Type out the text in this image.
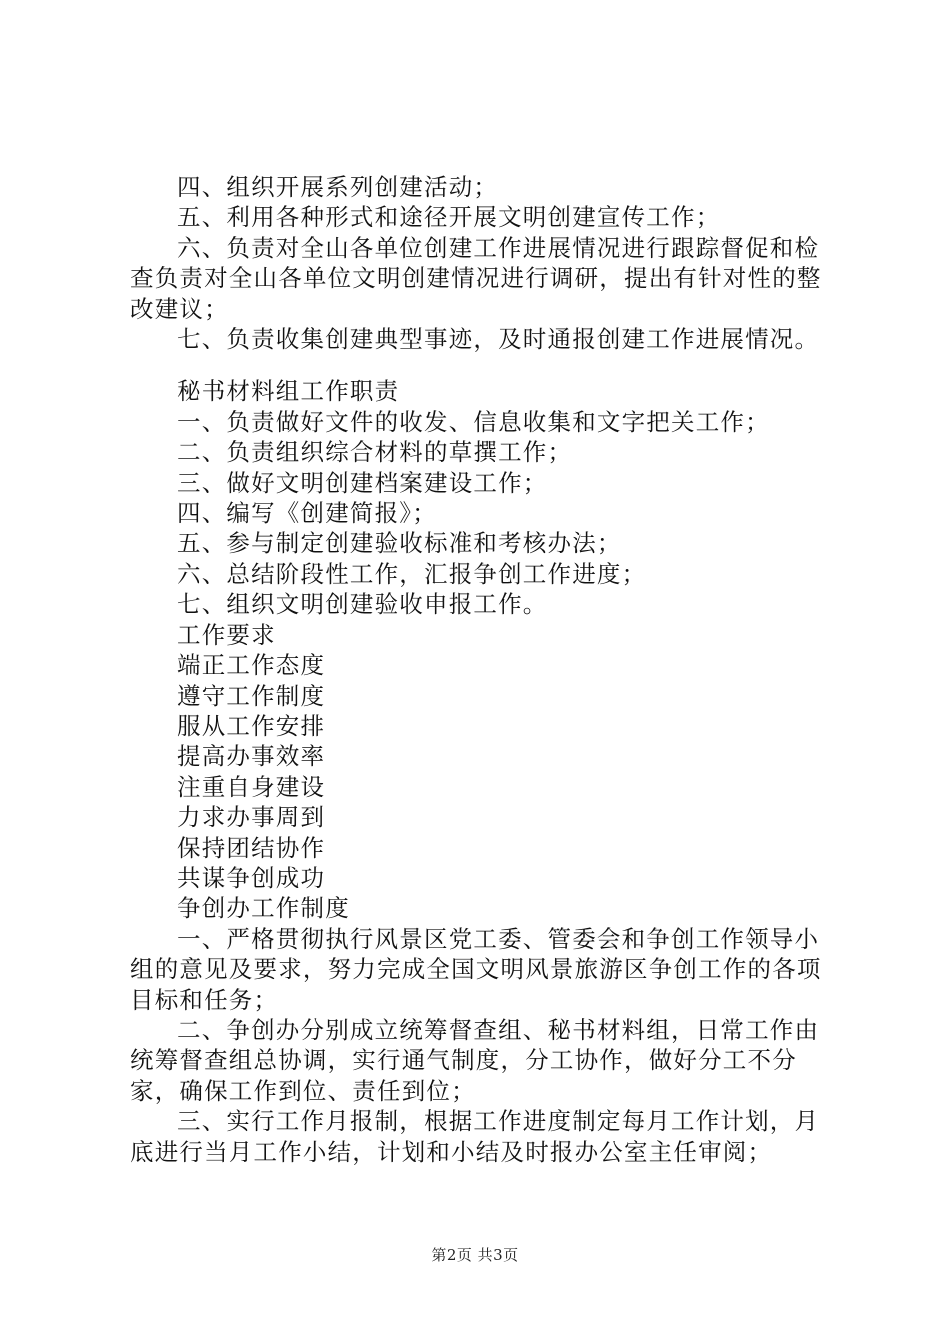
四、组织开展系列创建活动；

五、利用各种形式和途径开展文明创建宣传工作；

六、负责对全山各单位创建工作进展情况进行跟踪督促和检查负责对全山各单位文明创建情况进行调研，提出有针对性的整改建议；

七、负责收集创建典型事迹，及时通报创建工作进展情况。

秘书材料组工作职责

一、负责做好文件的收发、信息收集和文字把关工作；

二、负责组织综合材料的草撰工作；

三、做好文明创建档案建设工作；

四、编写《创建简报》；

五、参与制定创建验收标准和考核办法；

六、总结阶段性工作，汇报争创工作进度；

七、组织文明创建验收申报工作。

工作要求

端正工作态度

遵守工作制度

服从工作安排

提高办事效率

注重自身建设

力求办事周到

保持团结协作

共谋争创成功

争创办工作制度

一、严格贯彻执行风景区党工委、管委会和争创工作领导小组的意见及要求，努力完成全国文明风景旅游区争创工作的各项目标和任务；

二、争创办分别成立统筹督查组、秘书材料组，日常工作由统筹督查组总协调，实行通气制度，分工协作，做好分工不分家，确保工作到位、责任到位；

三、实行工作月报制，根据工作进度制定每月工作计划，月底进行当月工作小结，计划和小结及时报办公室主任审阅；

第2页 共3页
